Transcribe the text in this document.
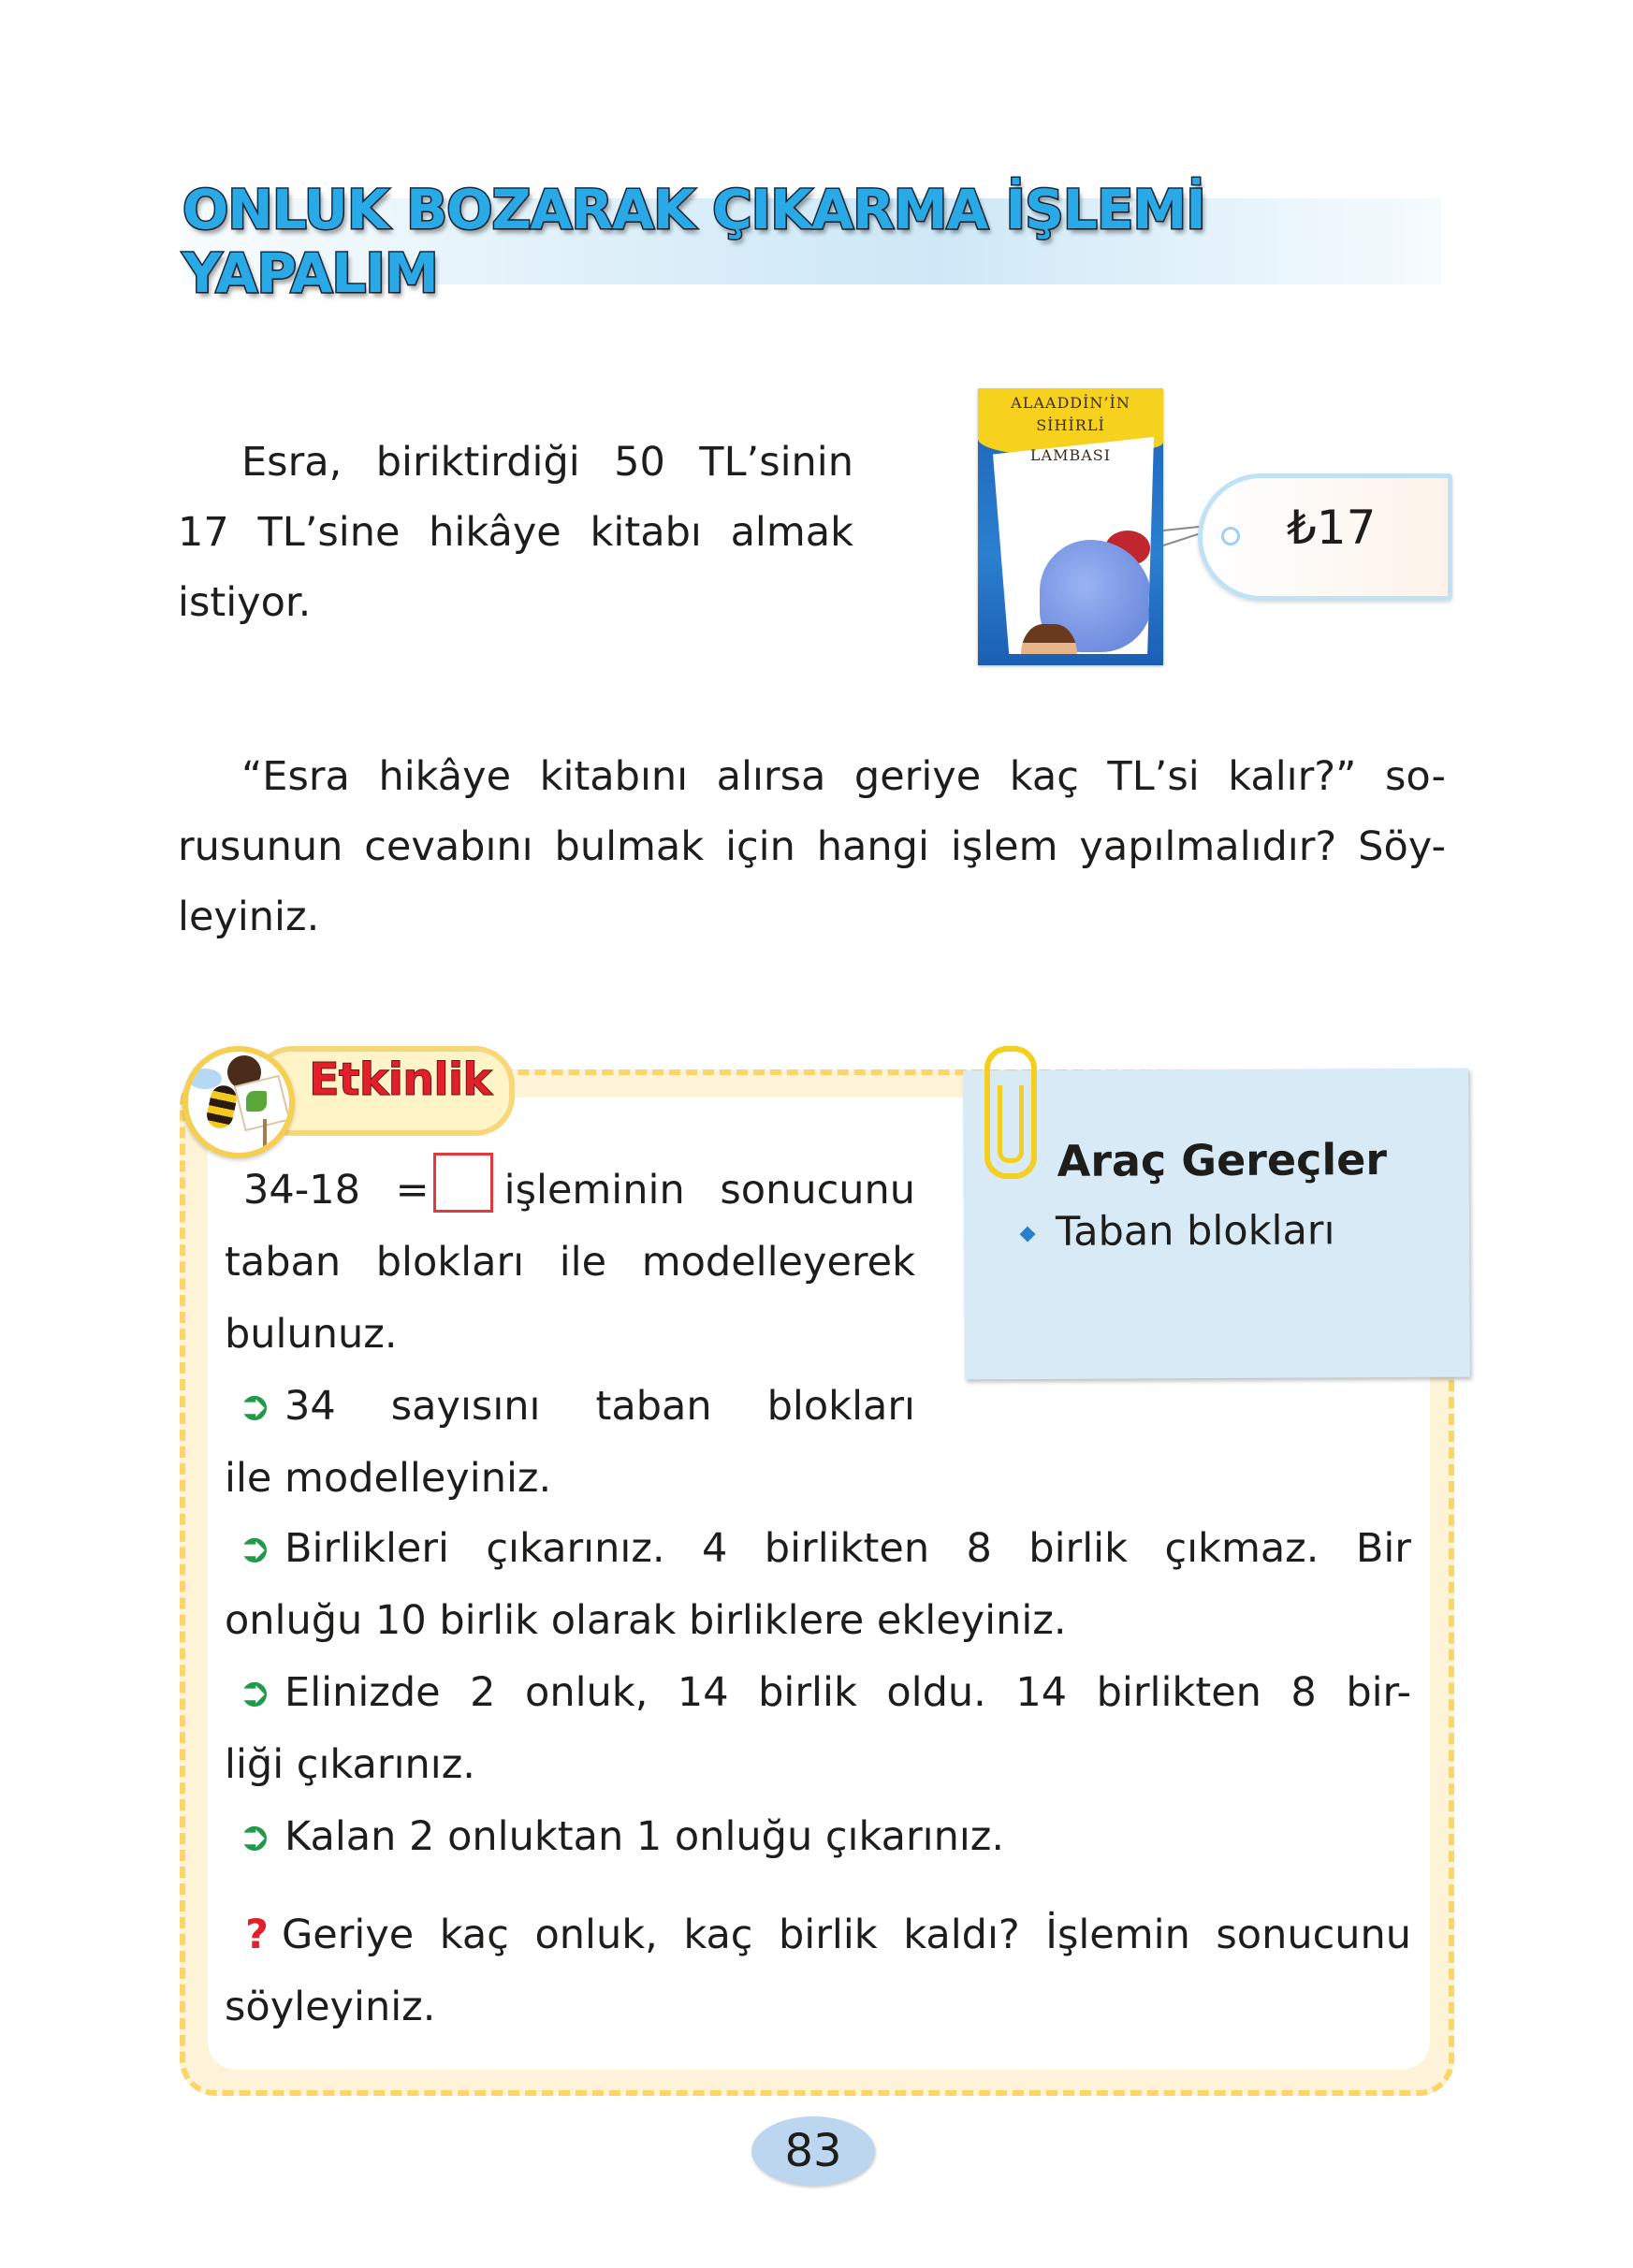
ONLUK BOZARAK ÇIKARMA İŞLEMİ YAPALIM
Esra, biriktirdiği 50 TL’sinin
17 TL’sine hikâye kitabı almak
istiyor.
ALAADDİN’İN
SİHİRLİ
LAMBASI
₺17
“Esra hikâye kitabını alırsa geriye kaç TL’si kalır?” so-
rusunun cevabını bulmak için hangi işlem yapılmalıdır? Söy-
leyiniz.
Etkinlik
34-18 = işleminin sonucunu
taban blokları ile modelleyerek
bulunuz.
➲ 34 sayısını taban blokları
ile modelleyiniz.
➲ Birlikleri çıkarınız. 4 birlikten 8 birlik çıkmaz. Bir
onluğu 10 birlik olarak birliklere ekleyiniz.
➲ Elinizde 2 onluk, 14 birlik oldu. 14 birlikten 8 bir-
liği çıkarınız.
➲ Kalan 2 onluktan 1 onluğu çıkarınız.
? Geriye kaç onluk, kaç birlik kaldı? İşlemin sonucunu
söyleyiniz.
Araç Gereçler
Taban blokları
83
